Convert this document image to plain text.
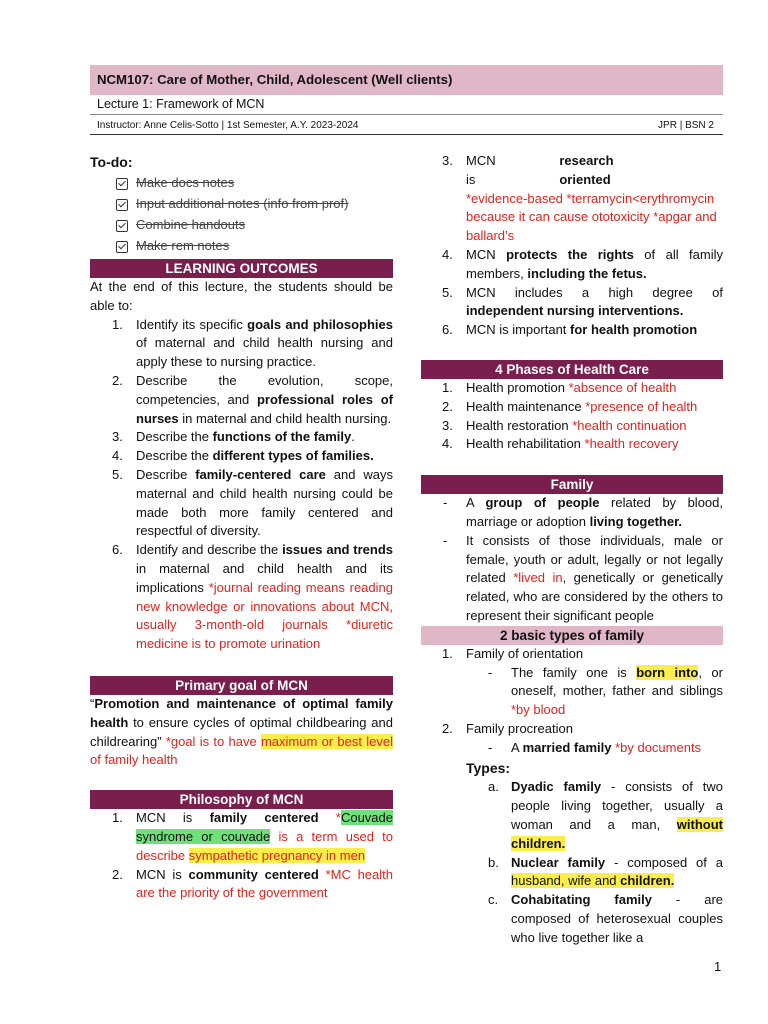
NCM107: Care of Mother, Child, Adolescent (Well clients)
Lecture 1: Framework of MCN
Instructor: Anne Celis-Sotto | 1st Semester, A.Y. 2023-2024	JPR | BSN 2
To-do:
Make docs notes
Input additional notes (info from prof)
Combine handouts
Make rem notes
LEARNING OUTCOMES
At the end of this lecture, the students should be able to:
1. Identify its specific goals and philosophies of maternal and child health nursing and apply these to nursing practice.
2. Describe the evolution, scope, competencies, and professional roles of nurses in maternal and child health nursing.
3. Describe the functions of the family.
4. Describe the different types of families.
5. Describe family-centered care and ways maternal and child health nursing could be made both more family centered and respectful of diversity.
6. Identify and describe the issues and trends in maternal and child health and its implications *journal reading means reading new knowledge or innovations about MCN, usually 3-month-old journals *diuretic medicine is to promote urination
Primary goal of MCN
“Promotion and maintenance of optimal family health to ensure cycles of optimal childbearing and childrearing” *goal is to have maximum or best level of family health
Philosophy of MCN
1. MCN is family centered *Couvade syndrome or couvade is a term used to describe sympathetic pregnancy in men
2. MCN is community centered *MC health are the priority of the government
3. MCN is
research oriented
*evidence-based *terramycin<erythromycin because it can cause ototoxicity *apgar and ballard’s
4. MCN protects the rights of all family members, including the fetus.
5. MCN includes a high degree of independent nursing interventions.
6. MCN is important for health promotion
4 Phases of Health Care
1. Health promotion *absence of health
2. Health maintenance *presence of health
3. Health restoration *health continuation
4. Health rehabilitation *health recovery
Family
- A group of people related by blood, marriage or adoption living together.
- It consists of those individuals, male or female, youth or adult, legally or not legally related *lived in, genetically or genetically related, who are considered by the others to represent their significant people
2 basic types of family
1. Family of orientation
- The family one is born into, or oneself, mother, father and siblings *by blood
2. Family procreation
- A married family *by documents
Types:
a. Dyadic family - consists of two people living together, usually a woman and a man, without children.
b. Nuclear family - composed of a husband, wife and children.
c. Cohabitating family - are composed of heterosexual couples who live together like a
1
